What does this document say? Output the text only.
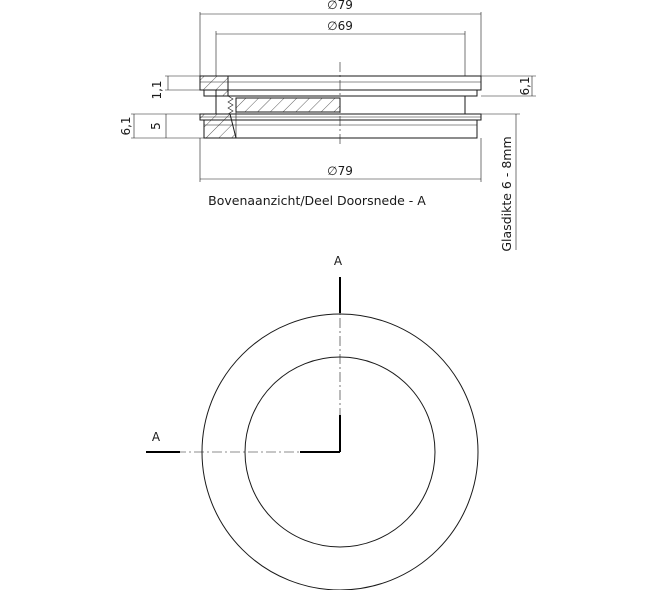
∅79
∅69
1,1
5
6,1
6,1
Glasdikte 6 - 8mm
∅79
Bovenaanzicht/Deel Doorsnede - A
A
A
